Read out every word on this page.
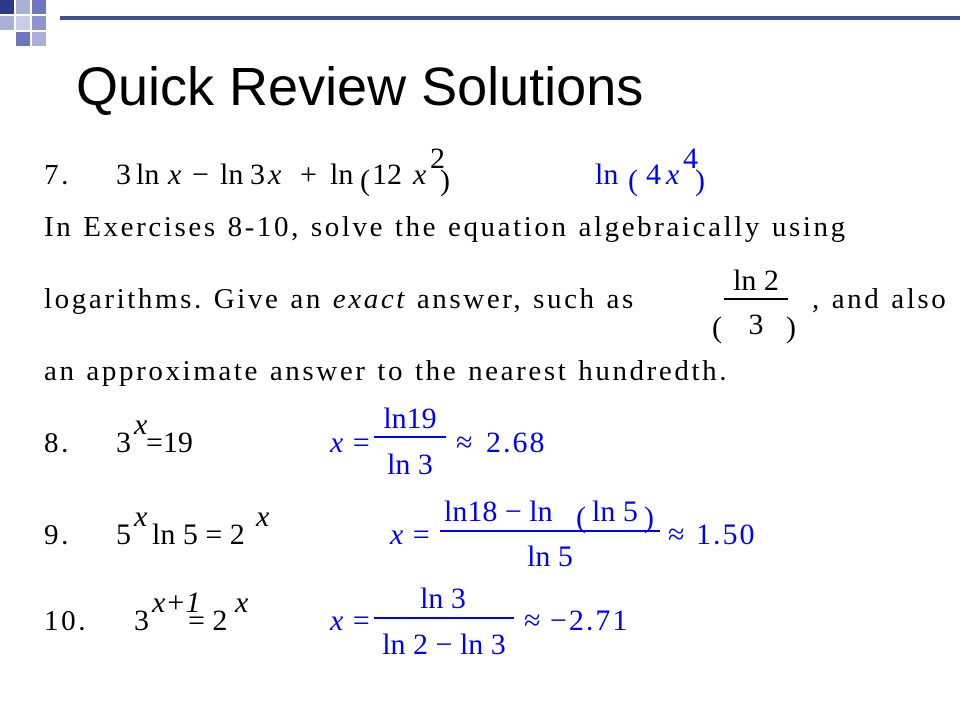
Quick Review Solutions
7. 3 ln x − ln 3 x + ln 12 x 2
( )	ln 4 x 4
( )
In Exercises 8-10, solve the equation algebraically using
logarithms. Give an exact answer, such as
( )
ln 2
3
, and also
an approximate answer to the nearest hundredth.
8. 3
x
=19	x =
ln19
ln 3
≈ 2.68
9. 5
x
ln 5 = 2
x
x =
ln18 − ln ( ln 5 )
ln 5
≈ 1.50
10. 3
x+1
= 2
x
x =
ln 3
ln 2 − ln 3
≈ −2.71
